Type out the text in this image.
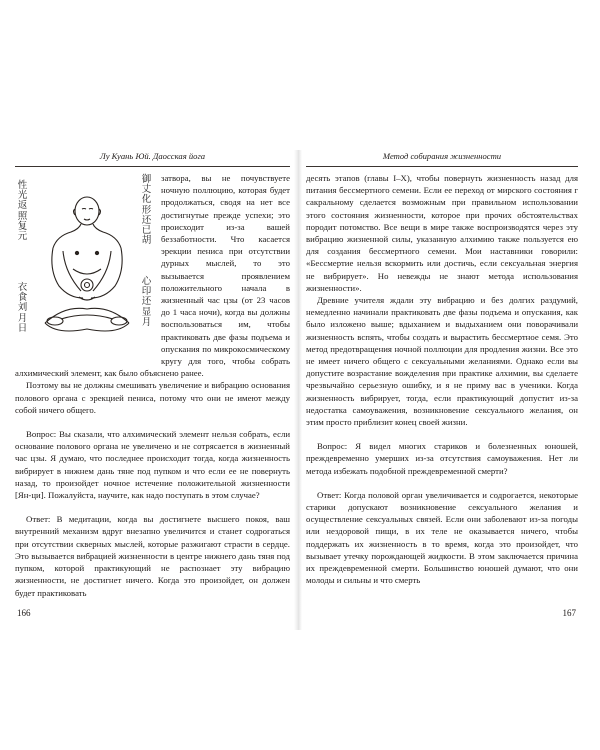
Лу Куань Юй. Даосская йога
性光返照复元
衣食刘月日
御丈化形还已胡
心印还显月

затвора, вы не почувствуете ночную поллюцию, которая будет продолжаться, сводя на нет все достигнутые прежде успехи; это происходит из-за вашей беззаботности. Что касается эрекции пениса при отсутствии дурных мыслей, то это вызывается проявлением положительного начала в жизненный час цзы (от 23 часов до 1 часа ночи), когда вы должны воспользоваться им, чтобы практиковать две фазы подъема и опускания по микрокосмическому кругу для того, чтобы собрать алхимический элемент, как было объяснено ранее.

Поэтому вы не должны смешивать увеличение и вибрацию основания полового органа с эрекцией пениса, потому что они не имеют между собой ничего общего.

Вопрос: Вы сказали, что алхимический элемент нельзя собрать, если основание полового органа не увеличено и не сотрясается в жизненный час цзы. Я думаю, что последнее происходит тогда, когда жизненность вибрирует в нижнем дань тяне под пупком и что если ее не повернуть назад, то произойдет ночное истечение положительной жизненности [Ян-ци]. Пожалуйста, научите, как надо поступать в этом случае?

Ответ: В медитации, когда вы достигнете высшего покоя, ваш внутренний механизм вдруг внезапно увеличится и станет содрогаться при отсутствии скверных мыслей, которые разжигают страсти в сердце. Это вызывается вибрацией жизненности в центре нижнего дань тяня под пупком, которой практикующий не распознает эту вибрацию жизненности, не достигнет ничего. Когда это произойдет, он должен будет практиковать

166
Метод собирания жизненности

десять этапов (главы I–X), чтобы повернуть жизненность назад для питания бессмертного семени. Если ее переход от мирского состояния г сакральному сделается возможным при правильном использовании этого состояния жизненности, которое при прочих обстоятельствах породит потомство. Все вещи в мире также воспроизводятся через эту вибрацию жизненной силы, указанную алхимию также пользуется ею для создания бессмертного семени. Мои наставники говорили: «Бессмертие нельзя вскормить или достичь, если сексуальная энергия не вибрирует». Но невежды не знают метода использования жизненности».

Древние учителя ждали эту вибрацию и без долгих раздумий, немедленно начинали практиковать две фазы подъема и опускания, как было изложено выше; вдыханием и выдыханием они поворачивали жизненность вспять, чтобы создать и вырастить бессмертное семя. Это метод предотвращения ночной поллюции для продления жизни. Все это не имеет ничего общего с сексуальными желаниями. Однако если вы допустите возрастание вожделения при практике алхимии, вы сделаете чрезвычайно серьезную ошибку, и я не приму вас в ученики. Когда жизненность вибрирует, тогда, если практикующий допустит из-за недостатка самоуважения, возникновение сексуального желания, он этим просто приблизит конец своей жизни.

Вопрос: Я видел многих стариков и болезненных юношей, преждевременно умерших из-за отсутствия самоуважения. Нет ли метода избежать подобной преждевременной смерти?

Ответ: Когда половой орган увеличивается и содрогается, некоторые старики допускают возникновение сексуального желания и осуществление сексуальных связей. Если они заболевают из-за погоды или нездоровой пищи, в их теле не оказывается ничего, чтобы поддержать их жизненность в то время, когда это произойдет, что вызывает утечку порождающей жидкости. В этом заключается причина их преждевременной смерти. Большинство юношей думают, что они молоды и сильны и что смерть

167
